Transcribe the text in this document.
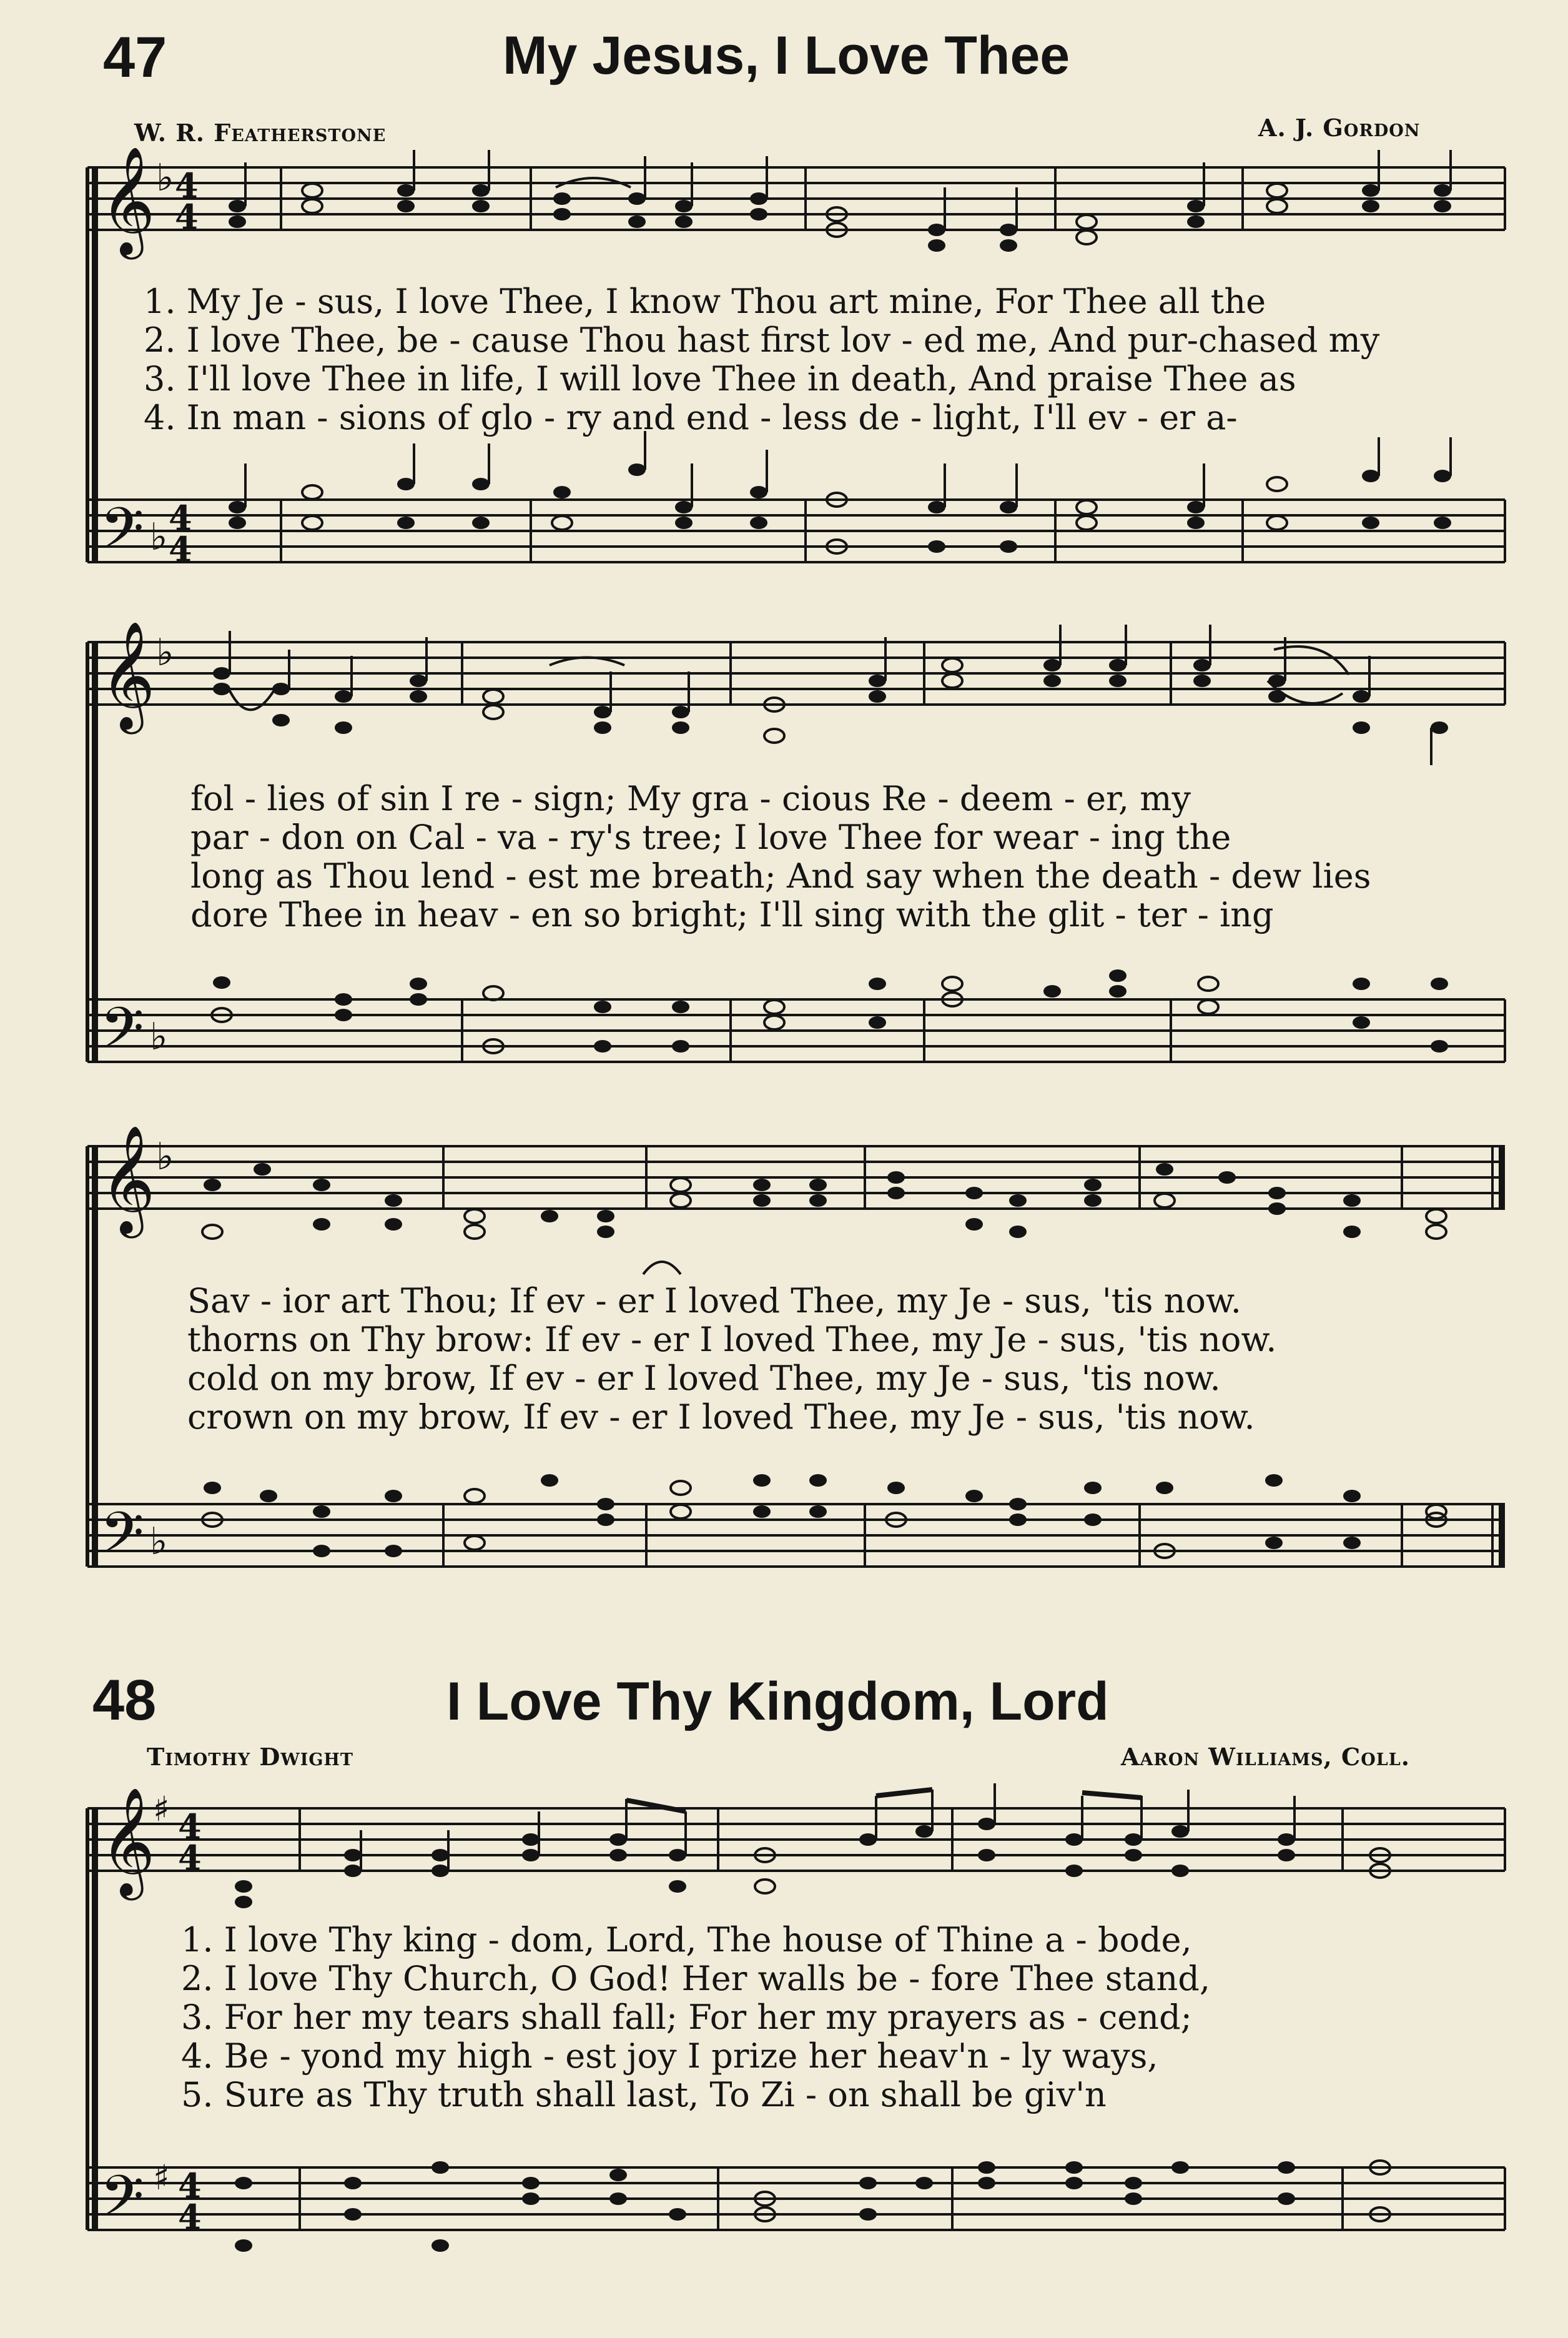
47	My Jesus, I Love Thee
W. R. Featherstone	A. J. Gordon
𝄞
𝄢
𝄞
𝄢
𝄞
𝄢
𝄞
𝄢
♭
♭
♭
♭
♭
♭
♯
♯
4
4
4
4
4
4
4
4
1. My Je - sus, I love Thee, I know Thou art mine, For Thee all the
2. I love Thee, be - cause Thou hast first lov - ed me, And pur-chased my
3. I'll love Thee in life, I will love Thee in death, And praise Thee as
4. In man - sions of glo - ry and end - less de - light, I'll ev - er a-
fol - lies of sin I re - sign; My gra - cious Re - deem - er, my
par - don on Cal - va - ry's tree; I love Thee for wear - ing the
long as Thou lend - est me breath; And say when the death - dew lies
dore Thee in heav - en so bright; I'll sing with the glit - ter - ing
Sav - ior art Thou; If ev - er I loved Thee, my Je - sus, 'tis now.
thorns on Thy brow: If ev - er I loved Thee, my Je - sus, 'tis now.
cold on my brow, If ev - er I loved Thee, my Je - sus, 'tis now.
crown on my brow, If ev - er I loved Thee, my Je - sus, 'tis now.
48	I Love Thy Kingdom, Lord
Timothy Dwight	Aaron Williams, Coll.
1. I love Thy king - dom, Lord, The house of Thine a - bode,
2. I love Thy Church, O God! Her walls be - fore Thee stand,
3. For her my tears shall fall; For her my prayers as - cend;
4. Be - yond my high - est joy I prize her heav'n - ly ways,
5. Sure as Thy truth shall last, To Zi - on shall be giv'n
